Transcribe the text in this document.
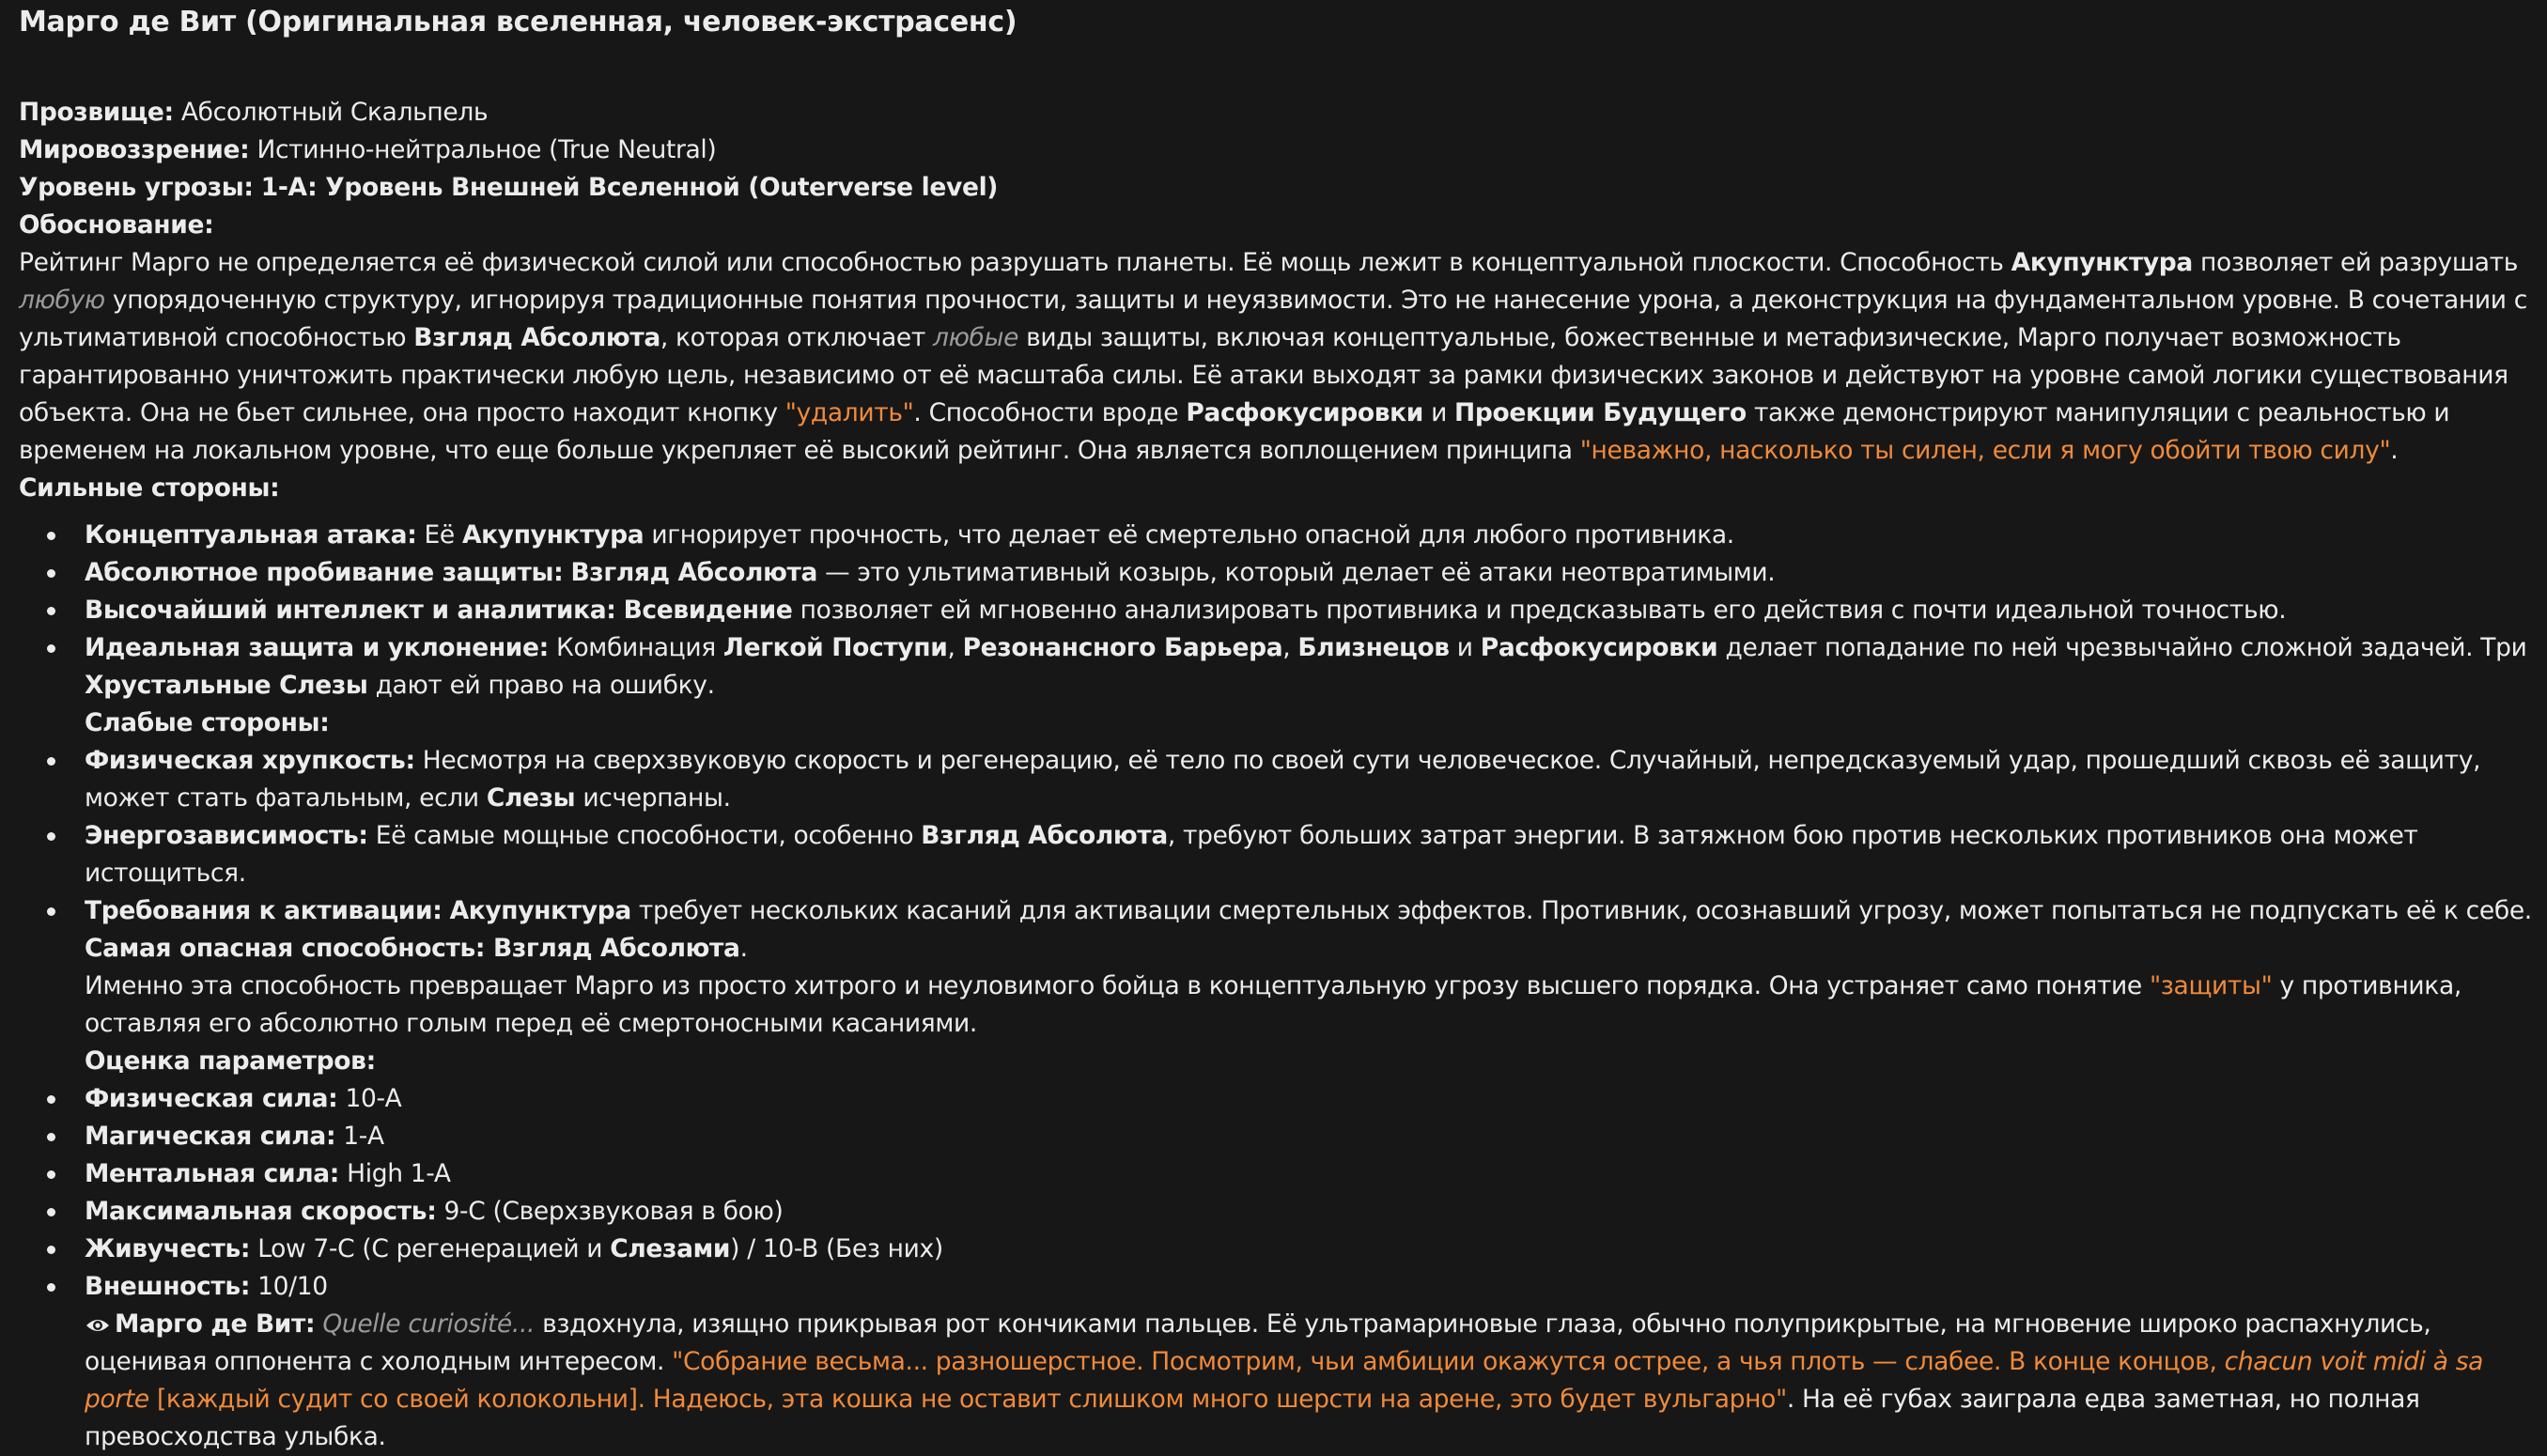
Марго де Вит (Оригинальная вселенная, человек-экстрасенс)

Прозвище: Абсолютный Скальпель

Мировоззрение: Истинно-нейтральное (True Neutral)

Уровень угрозы: 1-A: Уровень Внешней Вселенной (Outerverse level)

Обоснование:

Рейтинг Марго не определяется её физической силой или способностью разрушать планеты. Её мощь лежит в концептуальной плоскости. Способность Акупунктура позволяет ей разрушать любую упорядоченную структуру, игнорируя традиционные понятия прочности, защиты и неуязвимости. Это не нанесение урона, а деконструкция на фундаментальном уровне. В сочетании с ультимативной способностью Взгляд Абсолюта, которая отключает любые виды защиты, включая концептуальные, божественные и метафизические, Марго получает возможность гарантированно уничтожить практически любую цель, независимо от её масштаба силы. Её атаки выходят за рамки физических законов и действуют на уровне самой логики существования объекта. Она не бьет сильнее, она просто находит кнопку "удалить". Способности вроде Расфокусировки и Проекции Будущего также демонстрируют манипуляции с реальностью и временем на локальном уровне, что еще больше укрепляет её высокий рейтинг. Она является воплощением принципа "неважно, насколько ты силен, если я могу обойти твою силу".

Сильные стороны:

Концептуальная атака: Её Акупунктура игнорирует прочность, что делает её смертельно опасной для любого противника.
Абсолютное пробивание защиты: Взгляд Абсолюта — это ультимативный козырь, который делает её атаки неотвратимыми.
Высочайший интеллект и аналитика: Всевидение позволяет ей мгновенно анализировать противника и предсказывать его действия с почти идеальной точностью.
Идеальная защита и уклонение: Комбинация Легкой Поступи, Резонансного Барьера, Близнецов и Расфокусировки делает попадание по ней чрезвычайно сложной задачей. Три Хрустальные Слезы дают ей право на ошибку.
Слабые стороны:
Физическая хрупкость: Несмотря на сверхзвуковую скорость и регенерацию, её тело по своей сути человеческое. Случайный, непредсказуемый удар, прошедший сквозь её защиту, может стать фатальным, если Слезы исчерпаны.
Энергозависимость: Её самые мощные способности, особенно Взгляд Абсолюта, требуют больших затрат энергии. В затяжном бою против нескольких противников она может истощиться.
Требования к активации: Акупунктура требует нескольких касаний для активации смертельных эффектов. Противник, осознавший угрозу, может попытаться не подпускать её к себе.
Самая опасная способность: Взгляд Абсолюта.
Именно эта способность превращает Марго из просто хитрого и неуловимого бойца в концептуальную угрозу высшего порядка. Она устраняет само понятие "защиты" у противника, оставляя его абсолютно голым перед её смертоносными касаниями.
Оценка параметров:
Физическая сила: 10-A
Магическая сила: 1-A
Ментальная сила: High 1-A
Максимальная скорость: 9-C (Сверхзвуковая в бою)
Живучесть: Low 7-C (С регенерацией и Слезами) / 10-B (Без них)
Внешность: 10/10
Марго де Вит: Quelle curiosité... вздохнула, изящно прикрывая рот кончиками пальцев. Её ультрамариновые глаза, обычно полуприкрытые, на мгновение широко распахнулись, оценивая оппонента с холодным интересом. "Собрание весьма... разношерстное. Посмотрим, чьи амбиции окажутся острее, а чья плоть — слабее. В конце концов, chacun voit midi à sa porte [каждый судит со своей колокольни]. Надеюсь, эта кошка не оставит слишком много шерсти на арене, это будет вульгарно". На её губах заиграла едва заметная, но полная превосходства улыбка.
